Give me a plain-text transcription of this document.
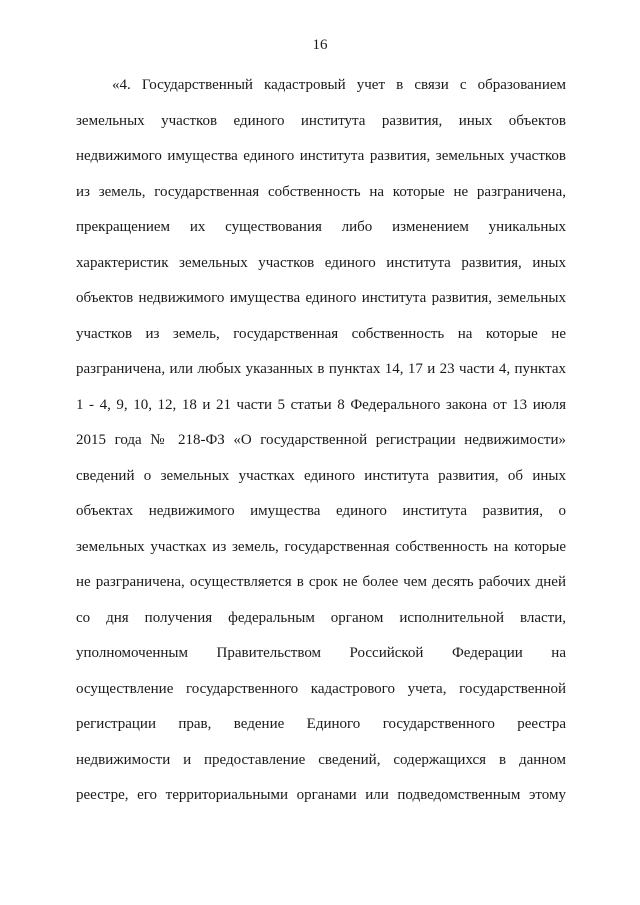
16
«4. Государственный кадастровый учет в связи с образованием
земельных участков единого института развития, иных объектов
недвижимого имущества единого института развития, земельных участков
из земель, государственная собственность на которые не разграничена,
прекращением их существования либо изменением уникальных
характеристик земельных участков единого института развития, иных
объектов недвижимого имущества единого института развития, земельных
участков из земель, государственная собственность на которые не
разграничена, или любых указанных в пунктах 14, 17 и 23 части 4, пунктах
1 - 4, 9, 10, 12, 18 и 21 части 5 статьи 8 Федерального закона от 13 июля
2015 года № 218-ФЗ «О государственной регистрации недвижимости»
сведений о земельных участках единого института развития, об иных
объектах недвижимого имущества единого института развития, о
земельных участках из земель, государственная собственность на которые
не разграничена, осуществляется в срок не более чем десять рабочих дней
со дня получения федеральным органом исполнительной власти,
уполномоченным Правительством Российской Федерации на
осуществление государственного кадастрового учета, государственной
регистрации прав, ведение Единого государственного реестра
недвижимости и предоставление сведений, содержащихся в данном
реестре, его территориальными органами или подведомственным этому
